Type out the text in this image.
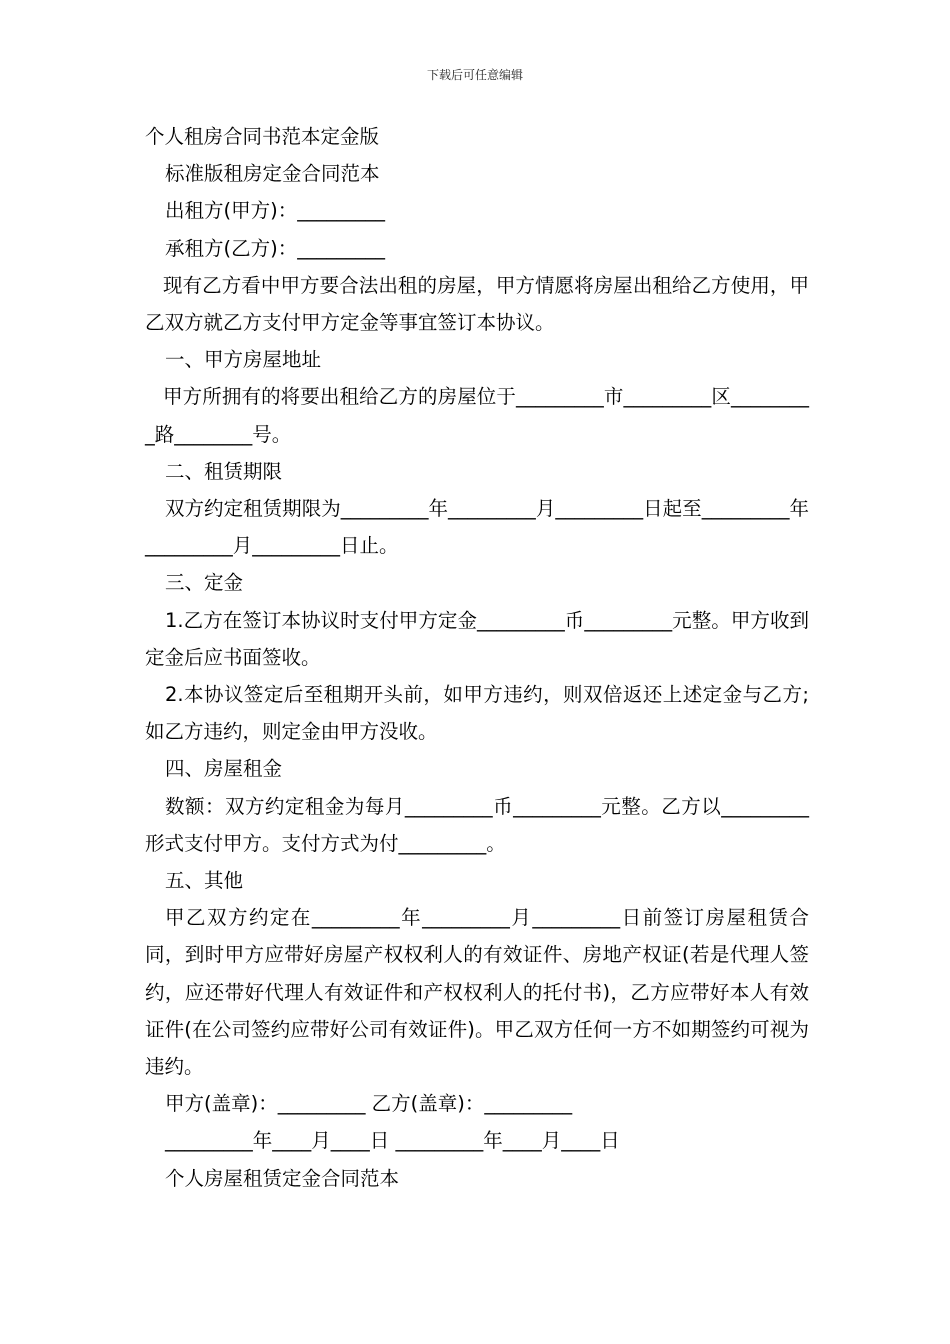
下载后可任意编辑

个人租房合同书范本定金版

标准版租房定金合同范本

出租方(甲方)：_________

承租方(乙方)：_________

现有乙方看中甲方要合法出租的房屋，甲方情愿将房屋出租给乙方使用，甲乙双方就乙方支付甲方定金等事宜签订本协议。

一、甲方房屋地址

甲方所拥有的将要出租给乙方的房屋位于_________市_________区_________路________号。

二、租赁期限

双方约定租赁期限为_________年_________月_________日起至_________年_________月_________日止。

三、定金

1.乙方在签订本协议时支付甲方定金_________币_________元整。甲方收到定金后应书面签收。

2.本协议签定后至租期开头前，如甲方违约，则双倍返还上述定金与乙方;如乙方违约，则定金由甲方没收。

四、房屋租金

数额：双方约定租金为每月_________币_________元整。乙方以_________形式支付甲方。支付方式为付_________。

五、其他

甲乙双方约定在_________年_________月_________日前签订房屋租赁合同，到时甲方应带好房屋产权权利人的有效证件、房地产权证(若是代理人签约，应还带好代理人有效证件和产权权利人的托付书)，乙方应带好本人有效证件(在公司签约应带好公司有效证件)。甲乙双方任何一方不如期签约可视为违约。

甲方(盖章)：_________ 乙方(盖章)：_________

_________年____月____日 _________年____月____日

个人房屋租赁定金合同范本
